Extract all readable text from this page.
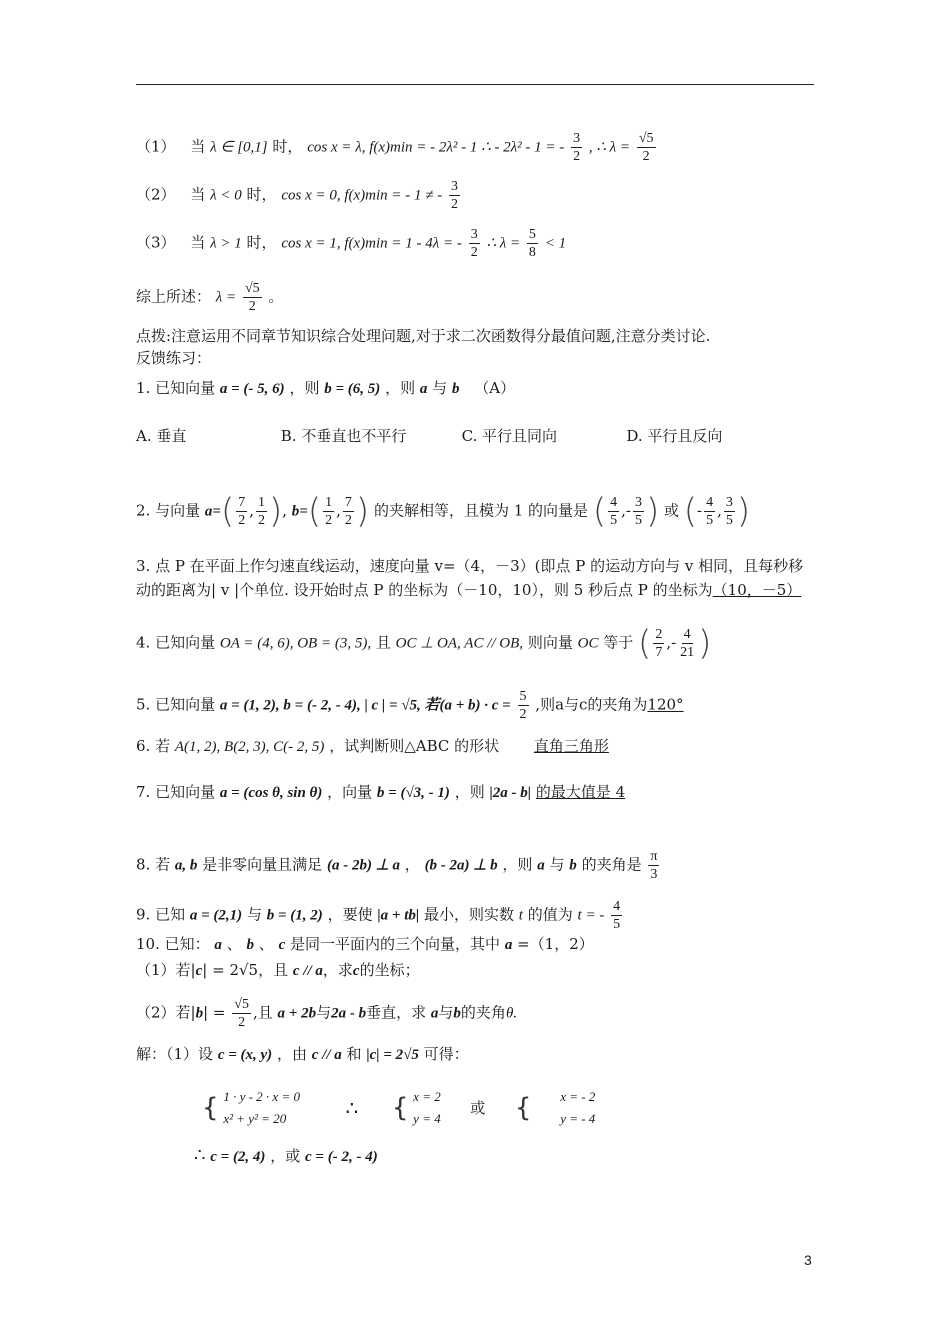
（1） 当 λ ∈ [0,1] 时， cos x = λ, f(x)min = - 2λ² - 1 ∴ - 2λ² - 1 = - $\frac{3}{2}$ , ∴ $\lambda = \frac{√5}{2}$
（2） 当 λ < 0 时， cos x = 0, f(x)min = - 1 ≠ - $\frac{3}{2}$
（3） 当 λ > 1 时， cos x = 1, f(x)min = 1 - 4λ = - $\frac{3}{2}$ ∴ $\lambda = \frac{5}{8} < 1$
综上所述： $\lambda = \frac{√5}{2}$ 。
点拨:注意运用不同章节知识综合处理问题,对于求二次函数得分最值问题,注意分类讨论.
反馈练习：
1. 已知向量 a = (- 5, 6) ，则 b = (6, 5) ，则 a 与 b （A）
A. 垂直	B. 不垂直也不平行	C. 平行且同向	D. 平行且反向
2. 与向量 $a=( \frac{7}{2}$ , $\frac{1}{2}$ ), $b=( \frac{1}{2}$ , $\frac{7}{2}$ ) 的夹解相等，且模为 1 的向量是 ( $\frac{4}{5}$ ,- $\frac{3}{5}$ ) 或 (- $\frac{4}{5}$ , $\frac{3}{5}$ )
3. 点 P 在平面上作匀速直线运动，速度向量 v=（4，－3）(即点 P 的运动方向与 v 相同，且每秒移
动的距离为| v |个单位. 设开始时点 P 的坐标为（－10，10），则 5 秒后点 P 的坐标为（10，－5）
4. 已知向量 OA = (4, 6), OB = (3, 5), 且 OC ⊥ OA, AC // OB, 则向量 OC 等于 ( $\frac{2}{7}$ ,- $\frac{4}{21}$ )
5. 已知向量 a = (1, 2), b = (- 2, - 4), | c | = √5, 若$(a + b) \cdot c = \frac{5}{2}$ ,则a与c的夹角为120°
6. 若 A(1, 2), B(2, 3), C(- 2, 5) ，试判断则△ABC 的形状 直角三角形
7. 已知向量 a = (cos θ, sin θ) ，向量 b = (√3, - 1) ，则 |2a - b| 的最大值是 4
8. 若 a, b 是非零向量且满足 (a - 2b) ⊥ a ， (b - 2a) ⊥ b ，则 a 与 b 的夹角是 $\frac{\pi}{3}$
9. 已知 a = (2,1) 与 b = (1, 2) ，要使 |a + tb| 最小，则实数 t 的值为 t = - $\frac{4}{5}$
10. 已知： a 、 b 、 c 是同一平面内的三个向量，其中 a =（1，2）
（1）若|c| = 2√5，且 c // a，求c的坐标；
（2）若$|b| = \frac{√5}{2}$ ,且 a + 2b与2a - b垂直，求 a与b的夹角θ.
解：（1）设 c = (x, y) ，由 c // a 和 |c| = 2√5 可得：
{ 1 · y - 2 · x = 0
x² + y² = 20	∴ { x = 2
y = 4
或 { x = - 2
y = - 4
∴ c = (2, 4) ，或 c = (- 2, - 4)
3
